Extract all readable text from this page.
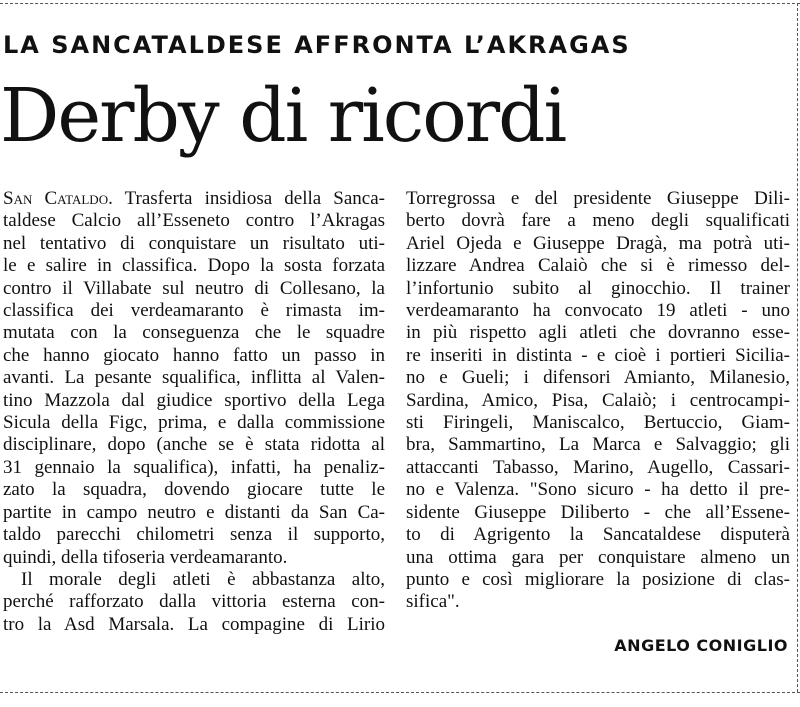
LA SANCATALDESE AFFRONTA L’AKRAGAS
Derby di ricordi
San Cataldo. Trasferta insidiosa della Sanca-
taldese Calcio all’Esseneto contro l’Akragas
nel tentativo di conquistare un risultato uti-
le e salire in classifica. Dopo la sosta forzata
contro il Villabate sul neutro di Collesano, la
classifica dei verdeamaranto è rimasta im-
mutata con la conseguenza che le squadre
che hanno giocato hanno fatto un passo in
avanti. La pesante squalifica, inflitta al Valen-
tino Mazzola dal giudice sportivo della Lega
Sicula della Figc, prima, e dalla commissione
disciplinare, dopo (anche se è stata ridotta al
31 gennaio la squalifica), infatti, ha penaliz-
zato la squadra, dovendo giocare tutte le
partite in campo neutro e distanti da San Ca-
taldo parecchi chilometri senza il supporto,
quindi, della tifoseria verdeamaranto.
Il morale degli atleti è abbastanza alto,
perché rafforzato dalla vittoria esterna con-
tro la Asd Marsala. La compagine di Lirio
Torregrossa e del presidente Giuseppe Dili-
berto dovrà fare a meno degli squalificati
Ariel Ojeda e Giuseppe Dragà, ma potrà uti-
lizzare Andrea Calaiò che si è rimesso del-
l’infortunio subito al ginocchio. Il trainer
verdeamaranto ha convocato 19 atleti - uno
in più rispetto agli atleti che dovranno esse-
re inseriti in distinta - e cioè i portieri Sicilia-
no e Gueli; i difensori Amianto, Milanesio,
Sardina, Amico, Pisa, Calaiò; i centrocampi-
sti Firingeli, Maniscalco, Bertuccio, Giam-
bra, Sammartino, La Marca e Salvaggio; gli
attaccanti Tabasso, Marino, Augello, Cassari-
no e Valenza. "Sono sicuro - ha detto il pre-
sidente Giuseppe Diliberto - che all’Essene-
to di Agrigento la Sancataldese disputerà
una ottima gara per conquistare almeno un
punto e così migliorare la posizione di clas-
sifica".
ANGELO CONIGLIO
